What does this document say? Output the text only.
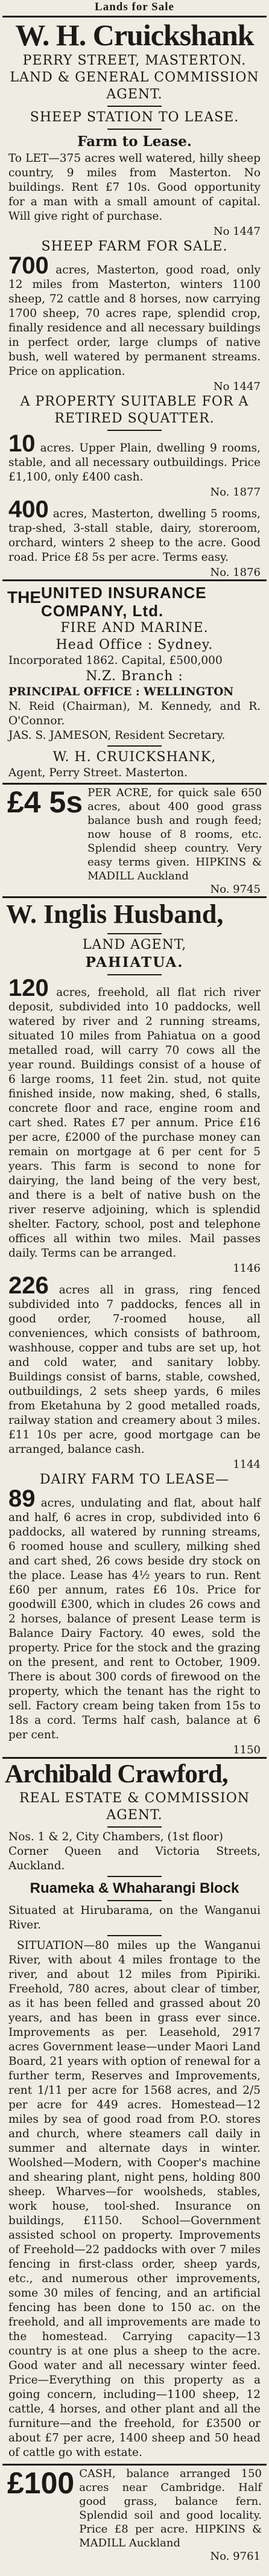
Lands for Sale
W. H. Cruickshank
PERRY STREET, MASTERTON.
LAND & GENERAL COMMISSION AGENT.
SHEEP STATION TO LEASE.
Farm to Lease.
To LET—375 acres well watered, hilly sheep country, 9 miles from Masterton. No buildings. Rent £7 10s. Good opportunity for a man with a small amount of capital. Will give right of purchase.
No 1447
SHEEP FARM FOR SALE.
700 acres, Masterton, good road, only 12 miles from Masterton, winters 1100 sheep, 72 cattle and 8 horses, now carrying 1700 sheep, 70 acres rape, splendid crop, finally residence and all necessary buildings in perfect order, large clumps of native bush, well watered by permanent streams. Price on application.
No 1447
A PROPERTY SUITABLE FOR A RETIRED SQUATTER.
10 acres. Upper Plain, dwelling 9 rooms, stable, and all necessary outbuildings. Price £1,100, only £400 cash.
No. 1877
400 acres, Masterton, dwelling 5 rooms, trap-shed, 3-stall stable, dairy, storeroom, orchard, winters 2 sheep to the acre. Good road. Price £8 5s per acre. Terms easy.
No. 1876
THE UNITED INSURANCE COMPANY, Ltd.
FIRE AND MARINE.
Head Office : Sydney.
Incorporated 1862. Capital, £500,000
N.Z. Branch :
PRINCIPAL OFFICE : WELLINGTON
N. Reid (Chairman), M. Kennedy, and R. O'Connor.
JAS. S. JAMESON, Resident Secretary.
W. H. CRUICKSHANK,
Agent, Perry Street. Masterton.
£4 5s PER ACRE, for quick sale 650 acres, about 400 good grass balance bush and rough feed; now house of 8 rooms, etc. Splendid sheep country. Very easy terms given. HIPKINS & MADILL Auckland
No. 9745
W. Inglis Husband,
LAND AGENT,
PAHIATUA.
120 acres, freehold, all flat rich river deposit, subdivided into 10 paddocks, well watered by river and 2 running streams, situated 10 miles from Pahiatua on a good metalled road, will carry 70 cows all the year round. Buildings consist of a house of 6 large rooms, 11 feet 2in. stud, not quite finished inside, now making, shed, 6 stalls, concrete floor and race, engine room and cart shed. Rates £7 per annum. Price £16 per acre, £2000 of the purchase money can remain on mortgage at 6 per cent for 5 years. This farm is second to none for dairying, the land being of the very best, and there is a belt of native bush on the river reserve adjoining, which is splendid shelter. Factory, school, post and telephone offices all within two miles. Mail passes daily. Terms can be arranged.
1146
226 acres all in grass, ring fenced subdivided into 7 paddocks, fences all in good order, 7-roomed house, all conveniences, which consists of bathroom, washhouse, copper and tubs are set up, hot and cold water, and sanitary lobby. Buildings consist of barns, stable, cowshed, outbuildings, 2 sets sheep yards, 6 miles from Eketahuna by 2 good metalled roads, railway station and creamery about 3 miles. £11 10s per acre, good mortgage can be arranged, balance cash.
1144
DAIRY FARM TO LEASE—
89 acres, undulating and flat, about half and half, 6 acres in crop, subdivided into 6 paddocks, all watered by running streams, 6 roomed house and scullery, milking shed and cart shed, 26 cows beside dry stock on the place. Lease has 4½ years to run. Rent £60 per annum, rates £6 10s. Price for goodwill £300, which in cludes 26 cows and 2 horses, balance of present Lease term is Balance Dairy Factory. 40 ewes, sold the property. Price for the stock and the grazing on the present, and rent to October, 1909. There is about 300 cords of firewood on the property, which the tenant has the right to sell. Factory cream being taken from 15s to 18s a cord. Terms half cash, balance at 6 per cent.
1150
Archibald Crawford,
REAL ESTATE & COMMISSION AGENT.
Nos. 1 & 2, City Chambers, (1st floor)
Corner Queen and Victoria Streets, Auckland.
Ruameka & Whaharangi Block
Situated at Hirubarama, on the Wanganui River.
SITUATION—80 miles up the Wanganui River, with about 4 miles frontage to the river, and about 12 miles from Pipiriki. Freehold, 780 acres, about clear of timber, as it has been felled and grassed about 20 years, and has been in grass ever since. Improvements as per. Leasehold, 2917 acres Government lease—under Maori Land Board, 21 years with option of renewal for a further term, Reserves and Improvements, rent 1/11 per acre for 1568 acres, and 2/5 per acre for 449 acres. Homestead—12 miles by sea of good road from P.O. stores and church, where steamers call daily in summer and alternate days in winter. Woolshed—Modern, with Cooper's machine and shearing plant, night pens, holding 800 sheep. Wharves—for woolsheds, stables, work house, tool-shed. Insurance on buildings, £1150. School—Government assisted school on property. Improvements of Freehold—22 paddocks with over 7 miles fencing in first-class order, sheep yards, etc., and numerous other improvements, some 30 miles of fencing, and an artificial fencing has been done to 150 ac. on the freehold, and all improvements are made to the homestead. Carrying capacity—13 country is at one plus a sheep to the acre. Good water and all necessary winter feed. Price—Everything on this property as a going concern, including—1100 sheep, 12 cattle, 4 horses, and other plant and all the furniture—and the freehold, for £3500 or about £7 per acre, 1400 sheep and 50 head of cattle go with estate.
£100 CASH, balance arranged 150 acres near Cambridge. Half good grass, balance fern. Splendid soil and good locality. Price £8 per acre. HIPKINS & MADILL Auckland
No. 9761
